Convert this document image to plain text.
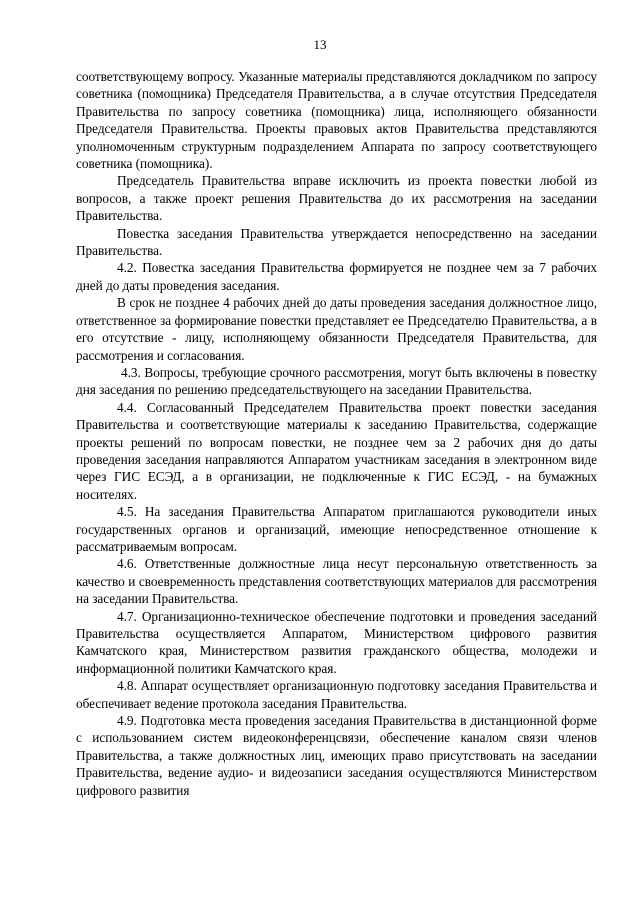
13

соответствующему вопросу. Указанные материалы представляются докладчиком по запросу советника (помощника) Председателя Правительства, а в случае отсутствия Председателя Правительства по запросу советника (помощника) лица, исполняющего обязанности Председателя Правительства. Проекты правовых актов Правительства представляются уполномоченным структурным подразделением Аппарата по запросу соответствующего советника (помощника).

Председатель Правительства вправе исключить из проекта повестки любой из вопросов, а также проект решения Правительства до их рассмотрения на заседании Правительства.

Повестка заседания Правительства утверждается непосредственно на заседании Правительства.

4.2. Повестка заседания Правительства формируется не позднее чем за 7 рабочих дней до даты проведения заседания.

В срок не позднее 4 рабочих дней до даты проведения заседания должностное лицо, ответственное за формирование повестки представляет ее Председателю Правительства, а в его отсутствие - лицу, исполняющему обязанности Председателя Правительства, для рассмотрения и согласования.

4.3. Вопросы, требующие срочного рассмотрения, могут быть включены в повестку дня заседания по решению председательствующего на заседании Правительства.

4.4. Согласованный Председателем Правительства проект повестки заседания Правительства и соответствующие материалы к заседанию Правительства, содержащие проекты решений по вопросам повестки, не позднее чем за 2 рабочих дня до даты проведения заседания направляются Аппаратом участникам заседания в электронном виде через ГИС ЕСЭД, а в организации, не подключенные к ГИС ЕСЭД, - на бумажных носителях.

4.5. На заседания Правительства Аппаратом приглашаются руководители иных государственных органов и организаций, имеющие непосредственное отношение к рассматриваемым вопросам.

4.6. Ответственные должностные лица несут персональную ответственность за качество и своевременность представления соответствующих материалов для рассмотрения на заседании Правительства.

4.7. Организационно-техническое обеспечение подготовки и проведения заседаний Правительства осуществляется Аппаратом, Министерством цифрового развития Камчатского края, Министерством развития гражданского общества, молодежи и информационной политики Камчатского края.

4.8. Аппарат осуществляет организационную подготовку заседания Правительства и обеспечивает ведение протокола заседания Правительства.

4.9. Подготовка места проведения заседания Правительства в дистанционной форме с использованием систем видеоконференцсвязи, обеспечение каналом связи членов Правительства, а также должностных лиц, имеющих право присутствовать на заседании Правительства, ведение аудио- и видеозаписи заседания осуществляются Министерством цифрового развития
